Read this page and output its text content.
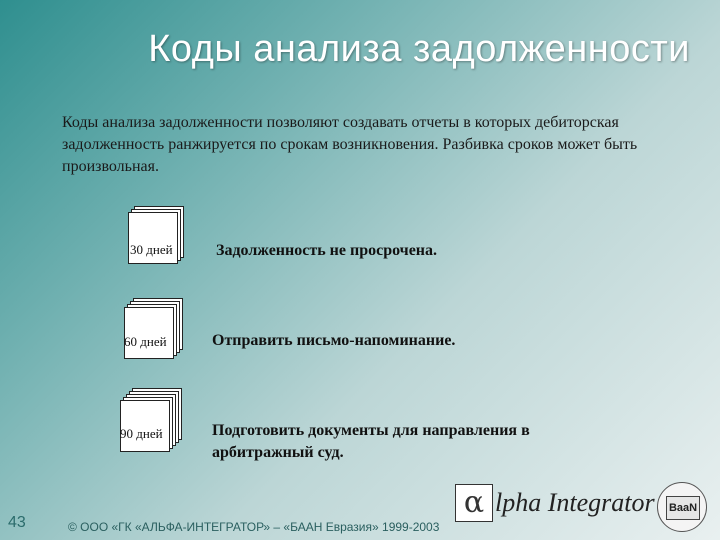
Коды анализа задолженности
Коды анализа задолженности позволяют создавать отчеты в которых дебиторская задолженность ранжируется по срокам возникновения. Разбивка сроков может быть произвольная.
30 дней	Задолженность не просрочена.
60 дней	Отправить письмо-напоминание.
90 дней	Подготовить документы для направления в арбитражный суд.
43	© ООО «ГК «АЛЬФА-ИНТЕГРАТОР» – «БААН Евразия» 1999-2003
α lpha Integrator BaaN
